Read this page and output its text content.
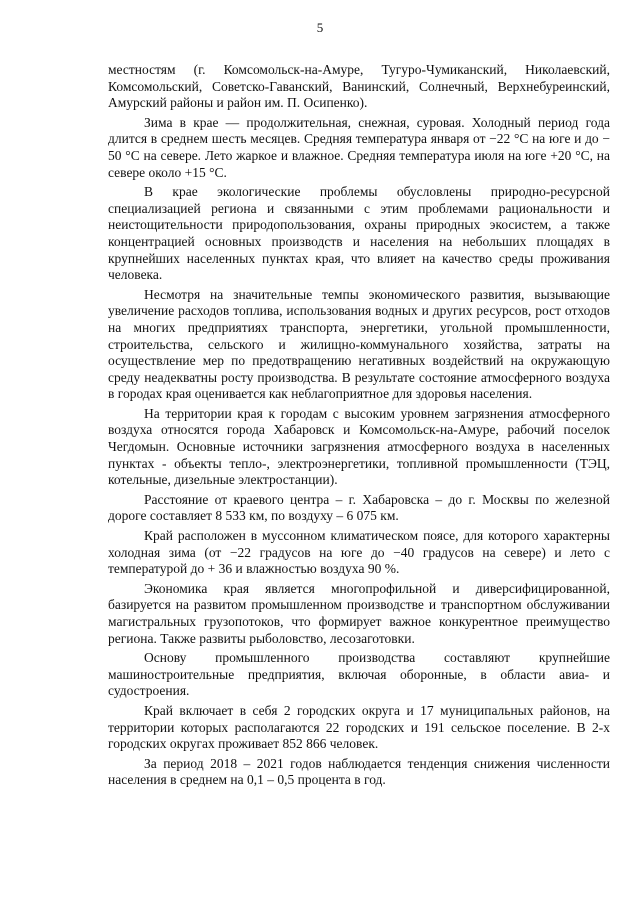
5

местностям (г. Комсомольск-на-Амуре, Тугуро-Чумиканский, Николаевский, Комсомольский, Советско-Гаванский, Ванинский, Солнечный, Верхнебуреинский, Амурский районы и район им. П. Осипенко).

Зима в крае — продолжительная, снежная, суровая. Холодный период года длится в среднем шесть месяцев. Средняя температура января от −22 °С на юге и до − 50 °С на севере. Лето жаркое и влажное. Средняя температура июля на юге +20 °С, на севере около +15 °С.

В крае экологические проблемы обусловлены природно-ресурсной специализацией региона и связанными с этим проблемами рациональности и неистощительности природопользования, охраны природных экосистем, а также концентрацией основных производств и населения на небольших площадях в крупнейших населенных пунктах края, что влияет на качество среды проживания человека.

Несмотря на значительные темпы экономического развития, вызывающие увеличение расходов топлива, использования водных и других ресурсов, рост отходов на многих предприятиях транспорта, энергетики, угольной промышленности, строительства, сельского и жилищно-коммунального хозяйства, затраты на осуществление мер по предотвращению негативных воздействий на окружающую среду неадекватны росту производства. В результате состояние атмосферного воздуха в городах края оценивается как неблагоприятное для здоровья населения.

На территории края к городам с высоким уровнем загрязнения атмосферного воздуха относятся города Хабаровск и Комсомольск-на-Амуре, рабочий поселок Чегдомын. Основные источники загрязнения атмосферного воздуха в населенных пунктах - объекты тепло-, электроэнергетики, топливной промышленности (ТЭЦ, котельные, дизельные электростанции).

Расстояние от краевого центра – г. Хабаровска – до г. Москвы по железной дороге составляет 8 533 км, по воздуху – 6 075 км.

Край расположен в муссонном климатическом поясе, для которого характерны холодная зима (от −22 градусов на юге до −40 градусов на севере) и лето с температурой до + 36 и влажностью воздуха 90 %.

Экономика края является многопрофильной и диверсифицированной, базируется на развитом промышленном производстве и транспортном обслуживании магистральных грузопотоков, что формирует важное конкурентное преимущество региона. Также развиты рыболовство, лесозаготовки.

Основу промышленного производства составляют крупнейшие машиностроительные предприятия, включая оборонные, в области авиа- и судостроения.

Край включает в себя 2 городских округа и 17 муниципальных районов, на территории которых располагаются 22 городских и 191 сельское поселение. В 2-х городских округах проживает 852 866 человек.

За период 2018 – 2021 годов наблюдается тенденция снижения численности населения в среднем на 0,1 – 0,5 процента в год.
